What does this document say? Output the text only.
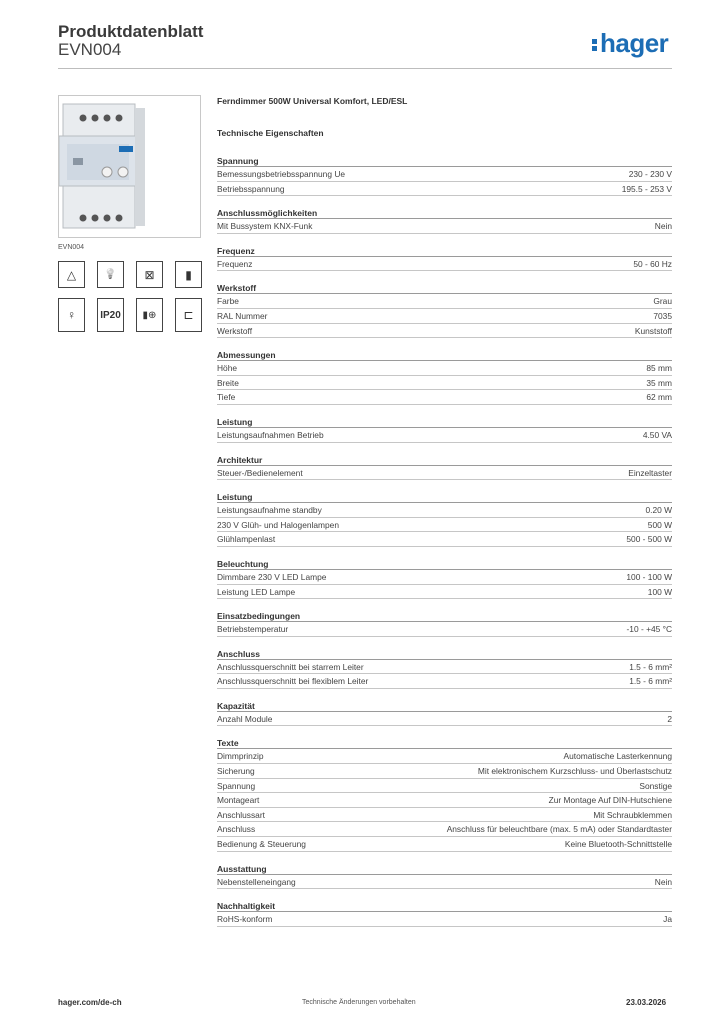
Produktdatenblatt
EVN004	hager
EVN004
△	💡 ⊠	▮
♀ IP20 ▮⊕ ⊏
Ferndimmer 500W Universal Komfort, LED/ESL
Technische Eigenschaften
Spannung
Bemessungsbetriebsspannung Ue	230 - 230 V
Betriebsspannung	195.5 - 253 V
Anschlussmöglichkeiten
Mit Bussystem KNX-Funk	Nein
Frequenz
Frequenz	50 - 60 Hz
Werkstoff
Farbe	Grau
RAL Nummer	7035
Werkstoff	Kunststoff
Abmessungen
Höhe	85 mm
Breite	35 mm
Tiefe	62 mm
Leistung
Leistungsaufnahmen Betrieb	4.50 VA
Architektur
Steuer-/Bedienelement	Einzeltaster
Leistung
Leistungsaufnahme standby	0.20 W
230 V Glüh- und Halogenlampen	500 W
Glühlampenlast	500 - 500 W
Beleuchtung
Dimmbare 230 V LED Lampe	100 - 100 W
Leistung LED Lampe	100 W
Einsatzbedingungen
Betriebstemperatur	-10 - +45 °C
Anschluss
Anschlussquerschnitt bei starrem Leiter	1.5 - 6 mm²
Anschlussquerschnitt bei flexiblem Leiter	1.5 - 6 mm²
Kapazität
Anzahl Module	2
Texte
Dimmprinzip	Automatische Lasterkennung
Sicherung	Mit elektronischem Kurzschluss- und Überlastschutz
Spannung	Sonstige
Montageart	Zur Montage Auf DIN-Hutschiene
Anschlussart	Mit Schraubklemmen
Anschluss	Anschluss für beleuchtbare (max. 5 mA) oder Standardtaster
Bedienung & Steuerung	Keine Bluetooth-Schnittstelle
Ausstattung
Nebenstelleneingang	Nein
Nachhaltigkeit
RoHS-konform	Ja
hager.com/de-ch	Technische Änderungen vorbehalten	23.03.2026
